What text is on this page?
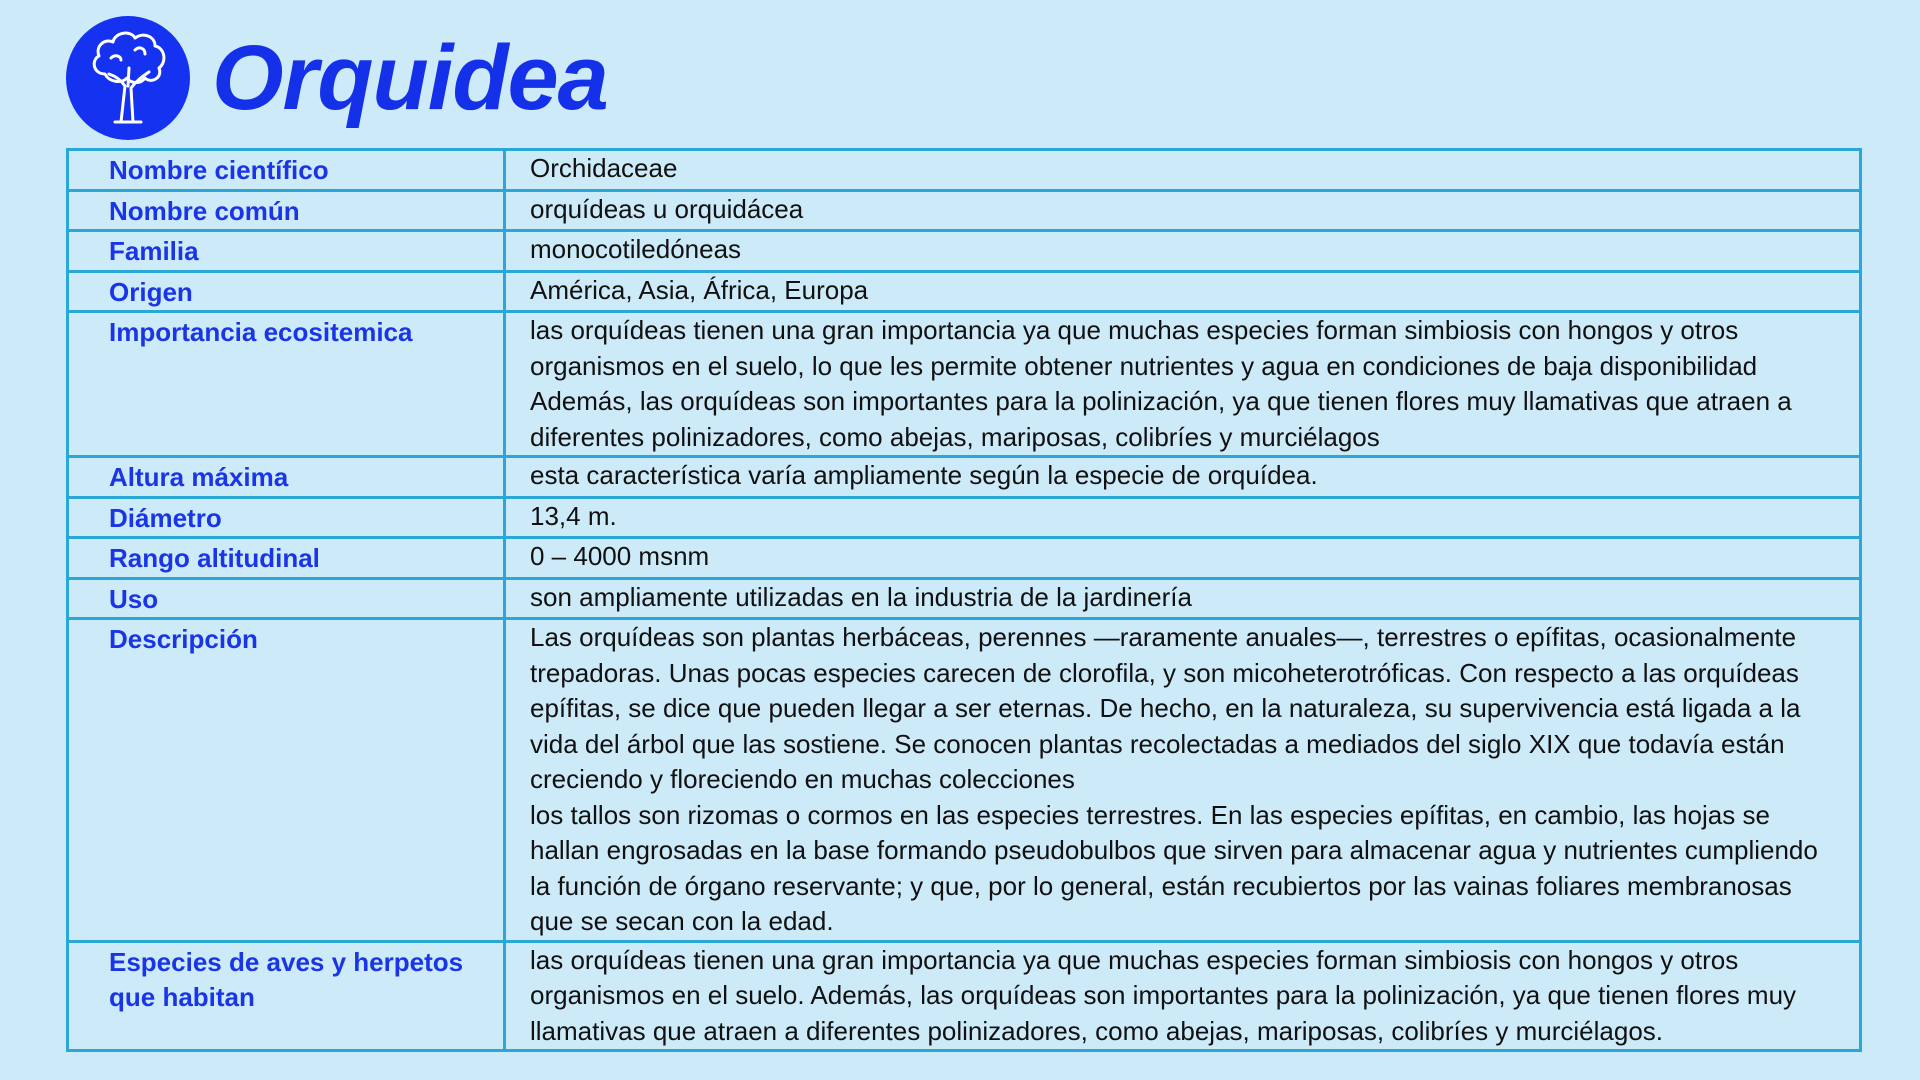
Orquidea
Nombre científico	Orchidaceae

Nombre común	orquídeas u orquidácea

Familia	monocotiledóneas

Origen	América, Asia, África, Europa

Importancia ecositemica	las orquídeas tienen una gran importancia ya que muchas especies forman simbiosis con hongos y otros organismos en el suelo, lo que les permite obtener nutrientes y agua en condiciones de baja disponibilidad Además, las orquídeas son importantes para la polinización, ya que tienen flores muy llamativas que atraen a diferentes polinizadores, como abejas, mariposas, colibríes y murciélagos

Altura máxima	esta característica varía ampliamente según la especie de orquídea.

Diámetro	13,4 m.

Rango altitudinal	0 – 4000 msnm

Uso	son ampliamente utilizadas en la industria de la jardinería

Descripción	Las orquídeas son plantas herbáceas, perennes —raramente anuales—, terrestres o epífitas, ocasionalmente trepadoras. Unas pocas especies carecen de clorofila, y son micoheterotróficas. Con respecto a las orquídeas epífitas, se dice que pueden llegar a ser eternas. De hecho, en la naturaleza, su supervivencia está ligada a la vida del árbol que las sostiene. Se conocen plantas recolectadas a mediados del siglo XIX que todavía están creciendo y floreciendo en muchas colecciones

los tallos son rizomas o cormos en las especies terrestres. En las especies epífitas, en cambio, las hojas se hallan engrosadas en la base formando pseudobulbos que sirven para almacenar agua y nutrientes cumpliendo la función de órgano reservante; y que, por lo general, están recubiertos por las vainas foliares membranosas que se secan con la edad.

Especies de aves y herpetos que habitan	las orquídeas tienen una gran importancia ya que muchas especies forman simbiosis con hongos y otros organismos en el suelo. Además, las orquídeas son importantes para la polinización, ya que tienen flores muy llamativas que atraen a diferentes polinizadores, como abejas, mariposas, colibríes y murciélagos.
